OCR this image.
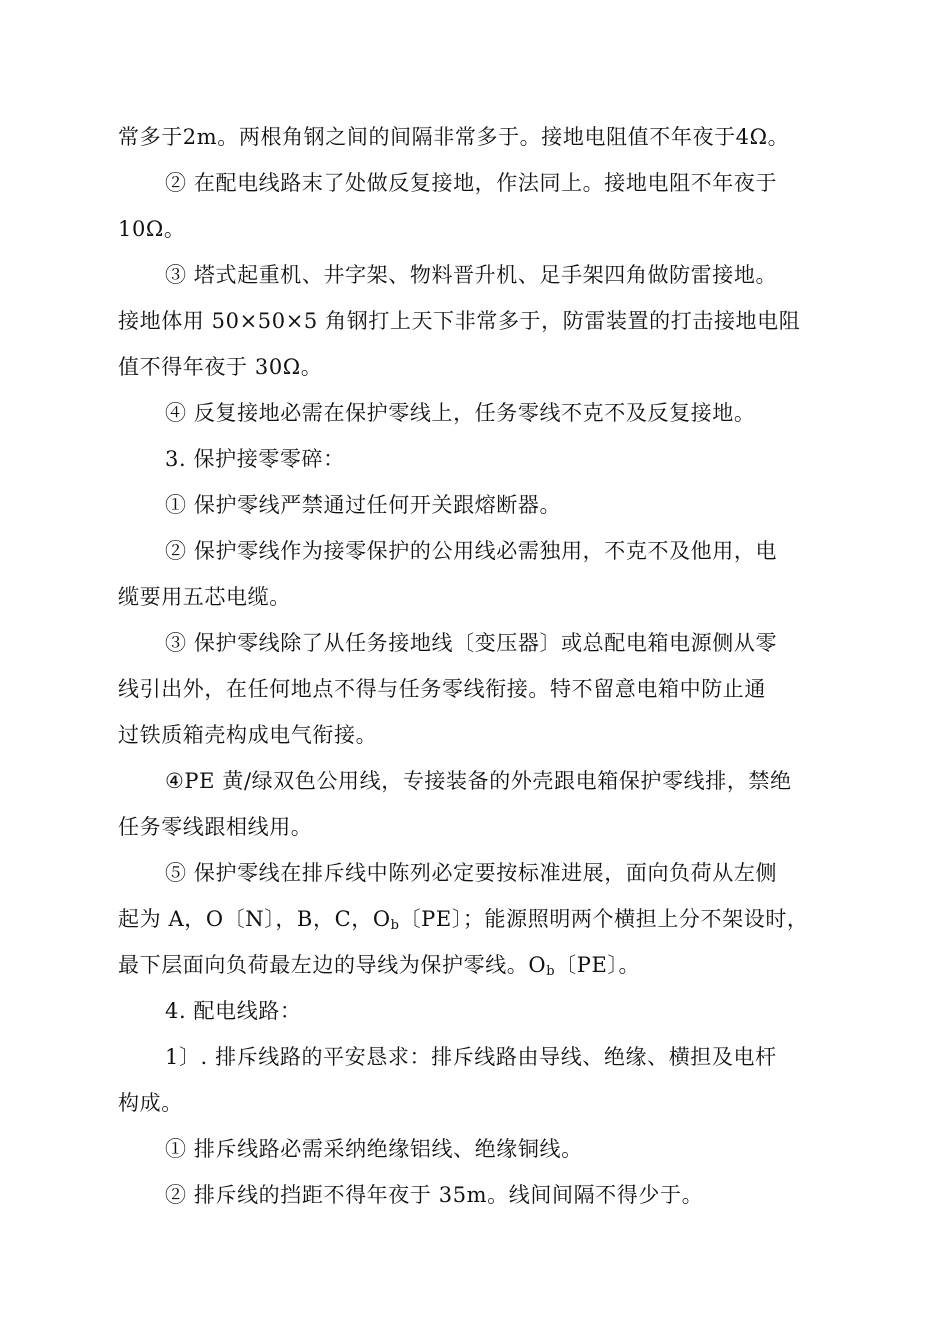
常多于2m。两根角钢之间的间隔非常多于。接地电阻值不年夜于4Ω。
② 在配电线路末了处做反复接地，作法同上。接地电阻不年夜于
10Ω。
③ 塔式起重机、井字架、物料晋升机、足手架四角做防雷接地。
接地体用 50×50×5 角钢打上天下非常多于，防雷装置的打击接地电阻
值不得年夜于 30Ω。
④ 反复接地必需在保护零线上，任务零线不克不及反复接地。
3. 保护接零零碎：
① 保护零线严禁通过任何开关跟熔断器。
② 保护零线作为接零保护的公用线必需独用，不克不及他用，电
缆要用五芯电缆。
③ 保护零线除了从任务接地线〔变压器〕或总配电箱电源侧从零
线引出外，在任何地点不得与任务零线衔接。特不留意电箱中防止通
过铁质箱壳构成电气衔接。
④PE 黄/绿双色公用线，专接装备的外壳跟电箱保护零线排，禁绝
任务零线跟相线用。
⑤ 保护零线在排斥线中陈列必定要按标准进展，面向负荷从左侧
起为 A，O〔N〕，B，C，$O_b$〔PE〕；能源照明两个横担上分不架设时，
最下层面向负荷最左边的导线为保护零线。$O_b$〔PE〕。
4. 配电线路：
1〕. 排斥线路的平安恳求：排斥线路由导线、绝缘、横担及电杆
构成。
① 排斥线路必需采纳绝缘铝线、绝缘铜线。
② 排斥线的挡距不得年夜于 35m。线间间隔不得少于。
